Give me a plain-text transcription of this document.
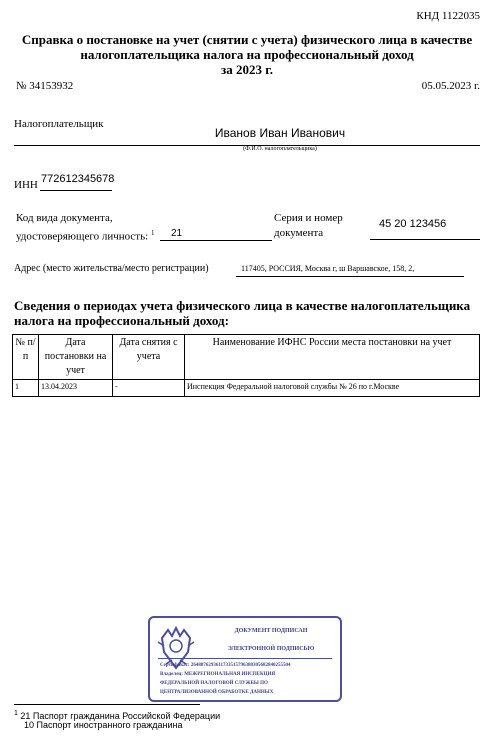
КНД 1122035
Справка о постановке на учет (снятии с учета) физического лица в качестве
налогоплательщика налога на профессиональный доход
за 2023 г.
№ 34153932	05.05.2023 г.
Налогоплательщик
Иванов Иван Иванович
(Ф.И.О. налогоплательщика)
ИНН 772612345678
Код вида документа,
удостоверяющего личность: $^1$ 21
Серия и номер
документа
45 20 123456
Адрес (место жительства/место регистрации)	117405, РОССИЯ, Москва г, ш Варшавское, 158, 2,
Сведения о периодах учета физического лица в качестве налогоплательщика
налога на профессиональный доход:
№ п/п	Дата постановки на учет	Дата снятия с учета	Наименование ИФНС России места постановки на учет
1	13.04.2023	-	Инспекция Федеральной налоговой службы № 26 по г.Москве
ДОКУМЕНТ ПОДПИСАН
ЭЛЕКТРОННОЙ ПОДПИСЬЮ
Сертификат: 2648876293611733515796388305682840255504
Владелец: МЕЖРЕГИОНАЛЬНАЯ ИНСПЕКЦИЯ
ФЕДЕРАЛЬНОЙ НАЛОГОВОЙ СЛУЖБЫ ПО
ЦЕНТРАЛИЗОВАННОЙ ОБРАБОТКЕ ДАННЫХ
$^1$ 21 Паспорт гражданина Российской Федерации
10 Паспорт иностранного гражданина
